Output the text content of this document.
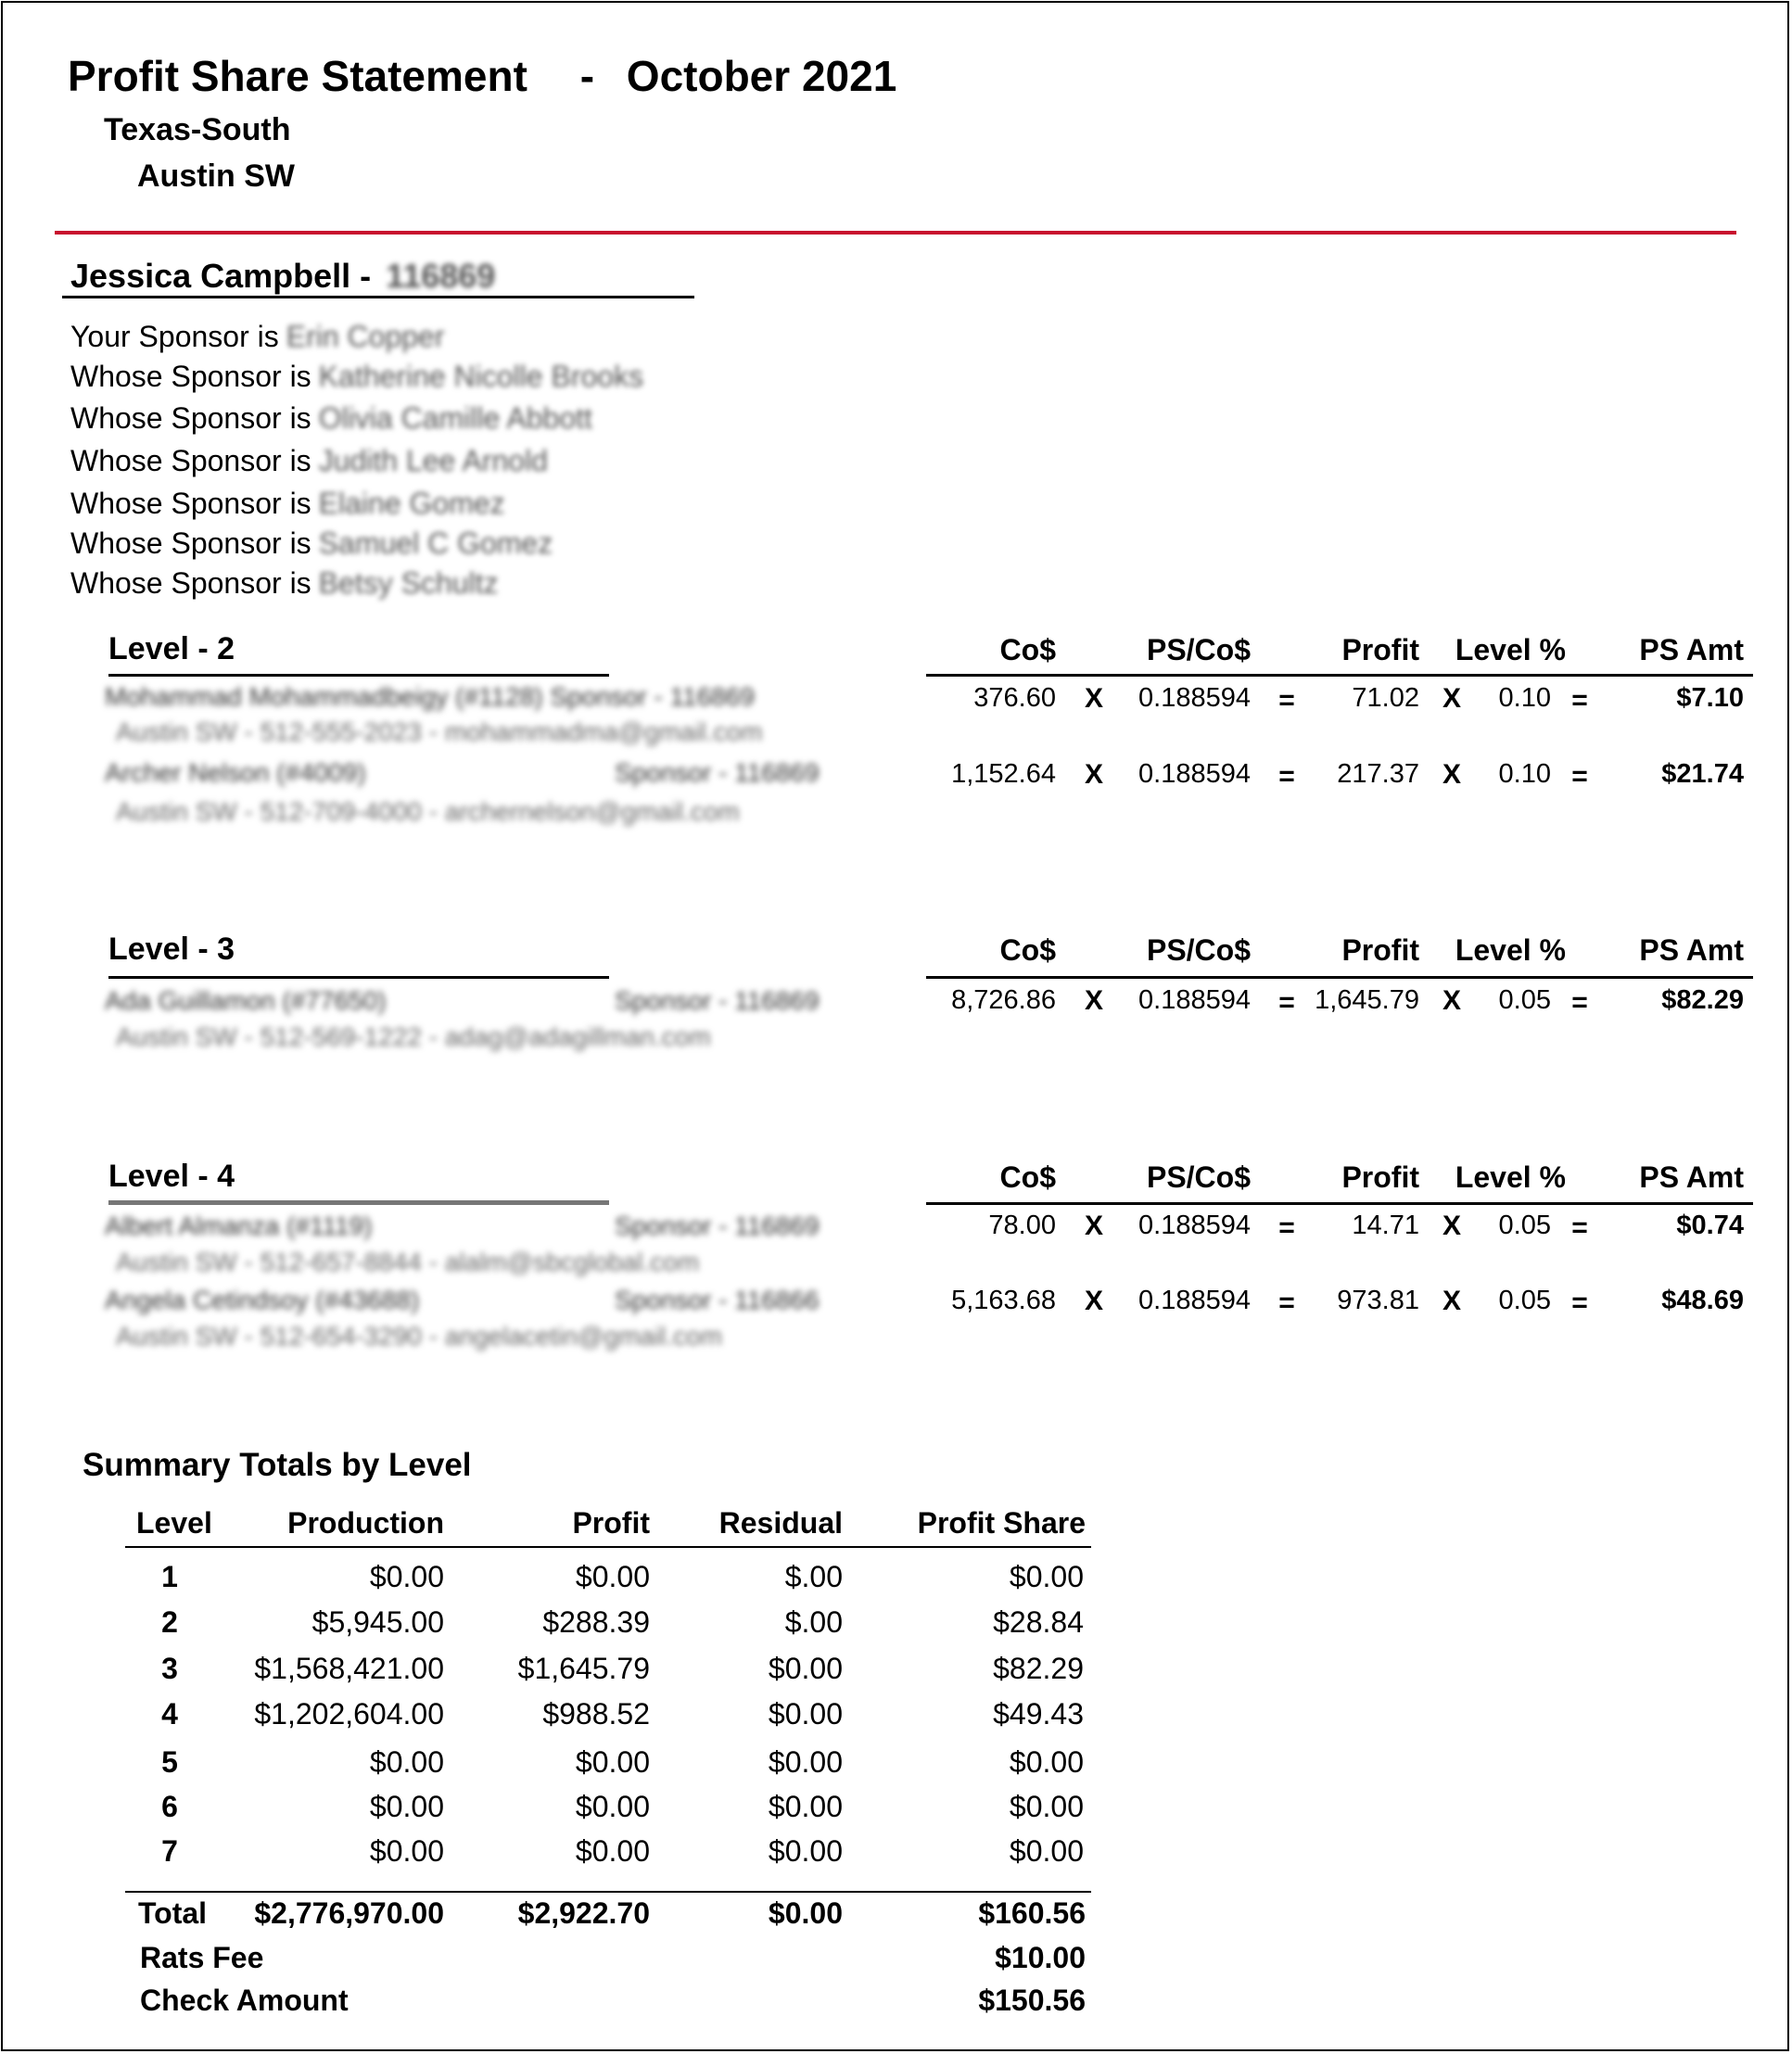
Profit Share Statement - October 2021
Texas-South
Austin SW
Jessica Campbell - 116869
Your Sponsor is Erin Copper
Whose Sponsor is Katherine Nicolle Brooks
Whose Sponsor is Olivia Camille Abbott
Whose Sponsor is Judith Lee Arnold
Whose Sponsor is Elaine Gomez
Whose Sponsor is Samuel C Gomez
Whose Sponsor is Betsy Schultz
Level - 2	Co$	PS/Co$	Profit	Level %	PS Amt
Mohammad Mohammadbeigy (#1128) Sponsor - 116869
Austin SW - 512-555-2023 - mohammadma@gmail.com
376.60 X	0.188594 =	71.02 X	0.10 =	$7.10
Archer Nelson (#4009)	Sponsor - 116869
Austin SW - 512-709-4000 - archernelson@gmail.com
1,152.64 X	0.188594 =	217.37 X	0.10 =	$21.74
Level - 3	Co$	PS/Co$	Profit	Level %	PS Amt
Ada Guillamon (#77650)	Sponsor - 116869
Austin SW - 512-569-1222 - adag@adagillman.com
8,726.86 X	0.188594 = 1,645.79 X	0.05 =	$82.29
Level - 4	Co$	PS/Co$	Profit	Level %	PS Amt
Albert Almanza (#1119)	Sponsor - 116869
Austin SW - 512-657-8844 - alalm@sbcglobal.com
78.00 X	0.188594 =	14.71 X	0.05 =	$0.74
Angela Cetindsoy (#43688)	Sponsor - 116866
Austin SW - 512-654-3290 - angelacetin@gmail.com
5,163.68 X	0.188594 =	973.81 X	0.05 =	$48.69
Summary Totals by Level
Level	Production	Profit	Residual	Profit Share
1	$0.00	$0.00	$.00	$0.00
2	$5,945.00	$288.39	$.00	$28.84
3	$1,568,421.00	$1,645.79	$0.00	$82.29
4	$1,202,604.00	$988.52	$0.00	$49.43
5	$0.00	$0.00	$0.00	$0.00
6	$0.00	$0.00	$0.00	$0.00
7	$0.00	$0.00	$0.00	$0.00
Total	$2,776,970.00	$2,922.70	$0.00	$160.56
Rats Fee	$10.00
Check Amount	$150.56
